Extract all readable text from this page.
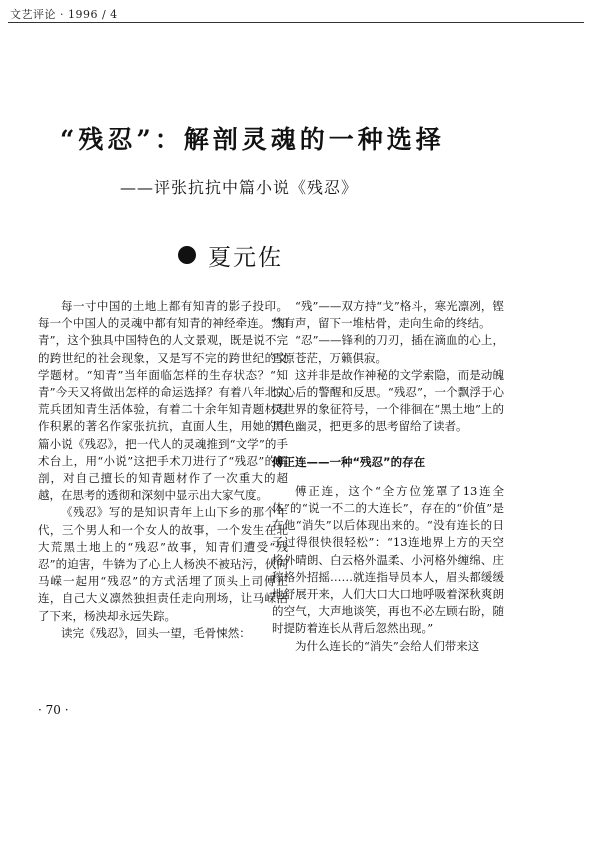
文艺评论 · 1996 / 4
“残忍”：解剖灵魂的一种选择
——评张抗抗中篇小说《残忍》
夏元佐

每一寸中国的土地上都有知青的影子投印。每一个中国人的灵魂中都有知青的神经牵连。“知青”，这个独具中国特色的人文景观，既是说不完的跨世纪的社会现象，又是写不完的跨世纪的文学题材。“知青”当年面临怎样的生存状态？“知青”今天又将做出怎样的命运选择？有着八年北大荒兵团知青生活体验，有着二十余年知青题材写作积累的著名作家张抗抗，直面人生，用她的中篇小说《残忍》，把一代人的灵魂推到“文学”的手术台上，用“小说”这把手术刀进行了“残忍”的解剖，对自己擅长的知青题材作了一次重大的超越，在思考的透彻和深刻中显示出大家气度。

《残忍》写的是知识青年上山下乡的那个年代，三个男人和一个女人的故事，一个发生在北大荒黑土地上的“残忍”故事，知青们遭受“残忍”的迫害，牛锛为了心上人杨泱不被玷污，伙同马嵘一起用“残忍”的方式活埋了顶头上司傅正连，自己大义凛然独担责任走向刑场，让马嵘活了下来，杨泱却永远失踪。

读完《残忍》，回头一望，毛骨悚然：

“残”——双方持“戈”格斗，寒光凛冽，铿然有声，留下一堆枯骨，走向生命的终结。

“忍”——锋利的刀刃，插在滴血的心上，雪原苍茫，万籁俱寂。

这并非是故作神秘的文学索隐，而是动魄惊心后的警醒和反思。“残忍”，一个飘浮于心灵世界的象征符号，一个徘徊在“黑土地”上的黑色幽灵，把更多的思考留给了读者。

傅正连——一种“残忍”的存在

傅正连，这个“全方位笼罩了13连全体”的“说一不二的大连长”，存在的“价值”是在他“消失”以后体现出来的。“没有连长的日子过得很快很轻松”：“13连地界上方的天空格外晴朗、白云格外温柔、小河格外缠绵、庄稼格外招摇……就连指导员本人，眉头都缓缓地舒展开来，人们大口大口地呼吸着深秋爽朗的空气，大声地谈笑，再也不必左顾右盼，随时提防着连长从背后忽然出现。”

为什么连长的“消失”会给人们带来这

· 70 ·
